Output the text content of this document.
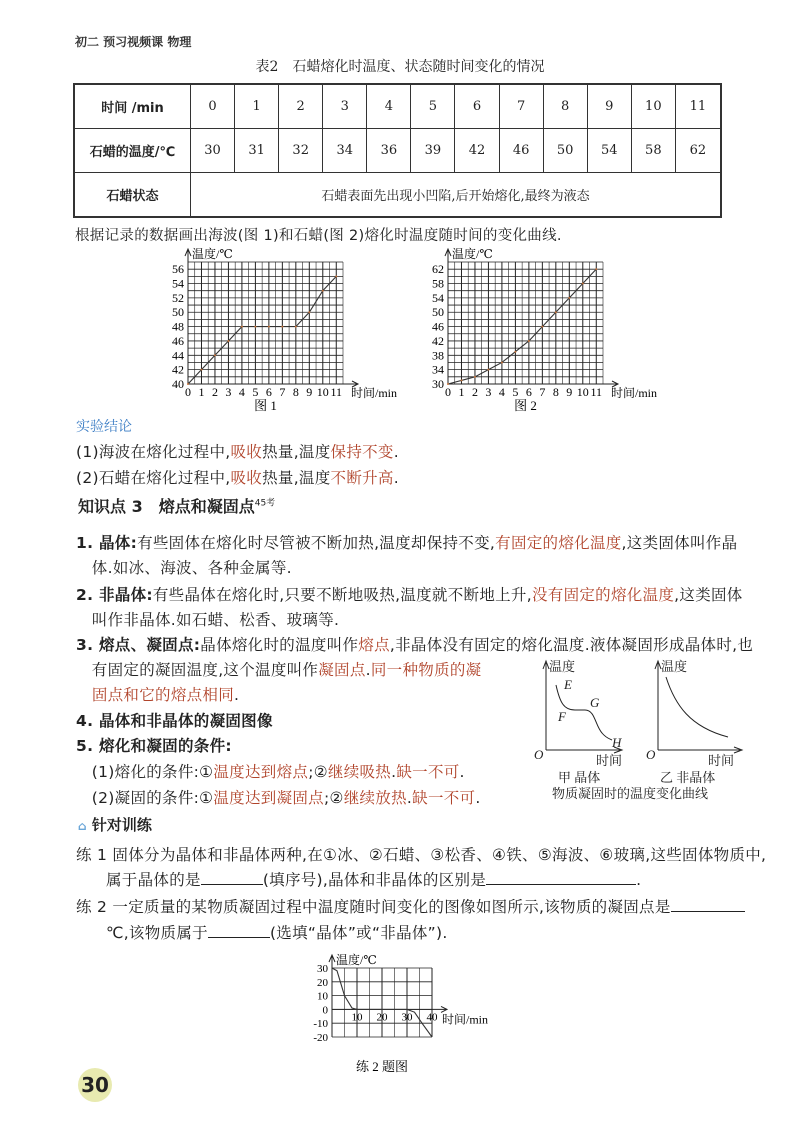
初二 预习视频课 物理
表2　石蜡熔化时温度、状态随时间变化的情况
时间 /min	0	1	2	3	4	5	6	7	8	9	10	11
石蜡的温度/℃	30	31	32	34	36	39	42	46	50	54	58	62
石蜡状态	石蜡表面先出现小凹陷,后开始熔化,最终为液态											
根据记录的数据画出海波(图 1)和石蜡(图 2)熔化时温度随时间的变化曲线.
40
42
44
46
48
50
52
54
56
0 1 2 3 4 5 6 7 8 9 10 11
温度/℃
时间/min
图 1
30
34
38
42
46
50
54
58
62
0 1 2 3 4 5 6 7 8 9 10 11
温度/℃
时间/min
图 2
实验结论
(1)海波在熔化过程中,吸收热量,温度保持不变.
(2)石蜡在熔化过程中,吸收热量,温度不断升高.
知识点 3　熔点和凝固点$^{45考}$
1. 晶体:有些固体在熔化时尽管被不断加热,温度却保持不变,有固定的熔化温度,这类固体叫作晶
　体.如冰、海波、各种金属等.
2. 非晶体:有些晶体在熔化时,只要不断地吸热,温度就不断地上升,没有固定的熔化温度,这类固体
　叫作非晶体.如石蜡、松香、玻璃等.
3. 熔点、凝固点:晶体熔化时的温度叫作熔点,非晶体没有固定的熔化温度.液体凝固形成晶体时,也
　有固定的凝固温度,这个温度叫作凝固点.同一种物质的凝
　固点和它的熔点相同.
4. 晶体和非晶体的凝固图像
5. 熔化和凝固的条件:
　(1)熔化的条件:①温度达到熔点;②继续吸热.缺一不可.
　(2)凝固的条件:①温度达到凝固点;②继续放热.缺一不可.
温度	温度
O	O
时间	时间
E
F
G
H
甲 晶体	乙 非晶体
物质凝固时的温度变化曲线
⌂ 针对训练
练 1 固体分为晶体和非晶体两种,在①冰、②石蜡、③松香、④铁、⑤海波、⑥玻璃,这些固体物质中,
属于晶体的是	(填序号),晶体和非晶体的区别是	.
练 2 一定质量的某物质凝固过程中温度随时间变化的图像如图所示,该物质的凝固点是
℃,该物质属于	(选填“晶体”或“非晶体”).
-20
-10
0
10
20
30
10 20 30 40
温度/℃
时间/min
练 2 题图
30
